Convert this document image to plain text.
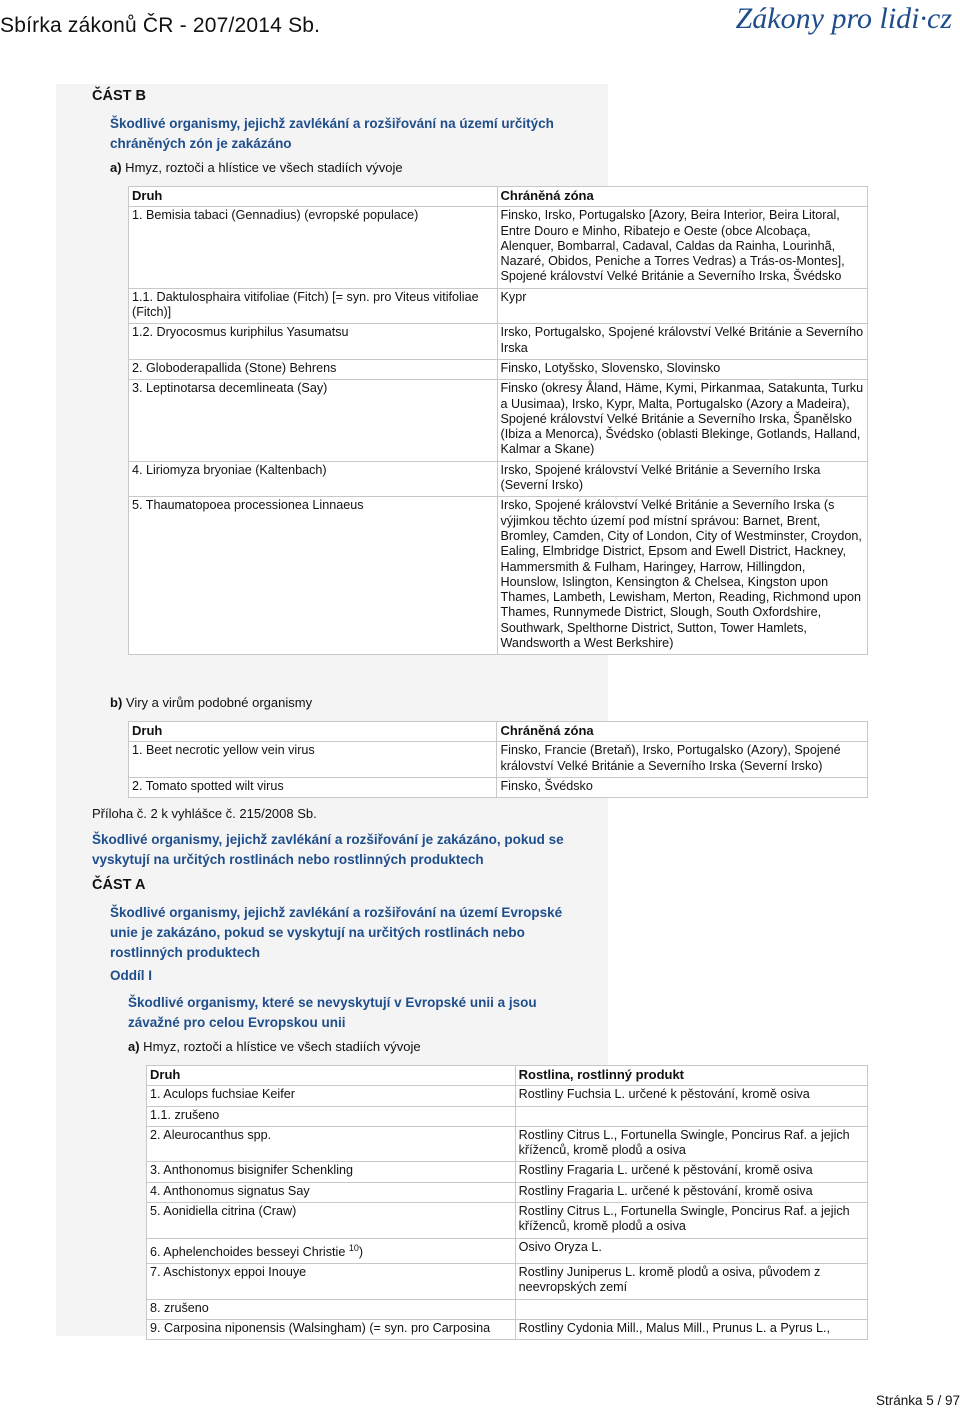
Sbírka zákonů ČR - 207/2014 Sb.	Zákony pro lidi·cz
ČÁST B
Škodlivé organismy, jejichž zavlékání a rozšiřování na území určitých chráněných zón je zakázáno
a) Hmyz, roztoči a hlístice ve všech stadiích vývoje
Druh	Chráněná zóna
1. Bemisia tabaci (Gennadius) (evropské populace)	Finsko, Irsko, Portugalsko [Azory, Beira Interior, Beira Litoral, Entre Douro e Minho, Ribatejo e Oeste (obce Alcobaça, Alenquer, Bombarral, Cadaval, Caldas da Rainha, Lourinhã, Nazaré, Obidos, Peniche a Torres Vedras) a Trás-os-Montes], Spojené království Velké Británie a Severního Irska, Švédsko
1.1. Daktulosphaira vitifoliae (Fitch) [= syn. pro Viteus vitifoliae (Fitch)]	Kypr
1.2. Dryocosmus kuriphilus Yasumatsu	Irsko, Portugalsko, Spojené království Velké Británie a Severního Irska
2. Globoderapallida (Stone) Behrens	Finsko, Lotyšsko, Slovensko, Slovinsko
3. Leptinotarsa decemlineata (Say)	Finsko (okresy Åland, Häme, Kymi, Pirkanmaa, Satakunta, Turku a Uusimaa), Irsko, Kypr, Malta, Portugalsko (Azory a Madeira), Spojené království Velké Británie a Severního Irska, Španělsko (Ibiza a Menorca), Švédsko (oblasti Blekinge, Gotlands, Halland, Kalmar a Skane)
4. Liriomyza bryoniae (Kaltenbach)	Irsko, Spojené království Velké Británie a Severního Irska (Severní Irsko)
5. Thaumatopoea processionea Linnaeus	Irsko, Spojené království Velké Británie a Severního Irska (s výjimkou těchto území pod místní správou: Barnet, Brent, Bromley, Camden, City of London, City of Westminster, Croydon, Ealing, Elmbridge District, Epsom and Ewell District, Hackney, Hammersmith & Fulham, Haringey, Harrow, Hillingdon, Hounslow, Islington, Kensington & Chelsea, Kingston upon Thames, Lambeth, Lewisham, Merton, Reading, Richmond upon Thames, Runnymede District, Slough, South Oxfordshire, Southwark, Spelthorne District, Sutton, Tower Hamlets, Wandsworth a West Berkshire)
b) Viry a virům podobné organismy
Druh	Chráněná zóna
1. Beet necrotic yellow vein virus	Finsko, Francie (Bretaň), Irsko, Portugalsko (Azory), Spojené království Velké Británie a Severního Irska (Severní Irsko)
2. Tomato spotted wilt virus	Finsko, Švédsko
Příloha č. 2 k vyhlášce č. 215/2008 Sb.
Škodlivé organismy, jejichž zavlékání a rozšiřování je zakázáno, pokud se vyskytují na určitých rostlinách nebo rostlinných produktech
ČÁST A
Škodlivé organismy, jejichž zavlékání a rozšiřování na území Evropské unie je zakázáno, pokud se vyskytují na určitých rostlinách nebo rostlinných produktech
Oddíl I
Škodlivé organismy, které se nevyskytují v Evropské unii a jsou závažné pro celou Evropskou unii
a) Hmyz, roztoči a hlístice ve všech stadiích vývoje
Druh	Rostlina, rostlinný produkt
1. Aculops fuchsiae Keifer	Rostliny Fuchsia L. určené k pěstování, kromě osiva
1.1. zrušeno	
2. Aleurocanthus spp.	Rostliny Citrus L., Fortunella Swingle, Poncirus Raf. a jejich kříženců, kromě plodů a osiva
3. Anthonomus bisignifer Schenkling	Rostliny Fragaria L. určené k pěstování, kromě osiva
4. Anthonomus signatus Say	Rostliny Fragaria L. určené k pěstování, kromě osiva
5. Aonidiella citrina (Craw)	Rostliny Citrus L., Fortunella Swingle, Poncirus Raf. a jejich kříženců, kromě plodů a osiva
6. Aphelenchoides besseyi Christie $^{10}$)	Osivo Oryza L.
7. Aschistonyx eppoi Inouye	Rostliny Juniperus L. kromě plodů a osiva, původem z neevropských zemí
8. zrušeno	
9. Carposina niponensis (Walsingham) (= syn. pro Carposina	Rostliny Cydonia Mill., Malus Mill., Prunus L. a Pyrus L.,
Stránka 5 / 97
